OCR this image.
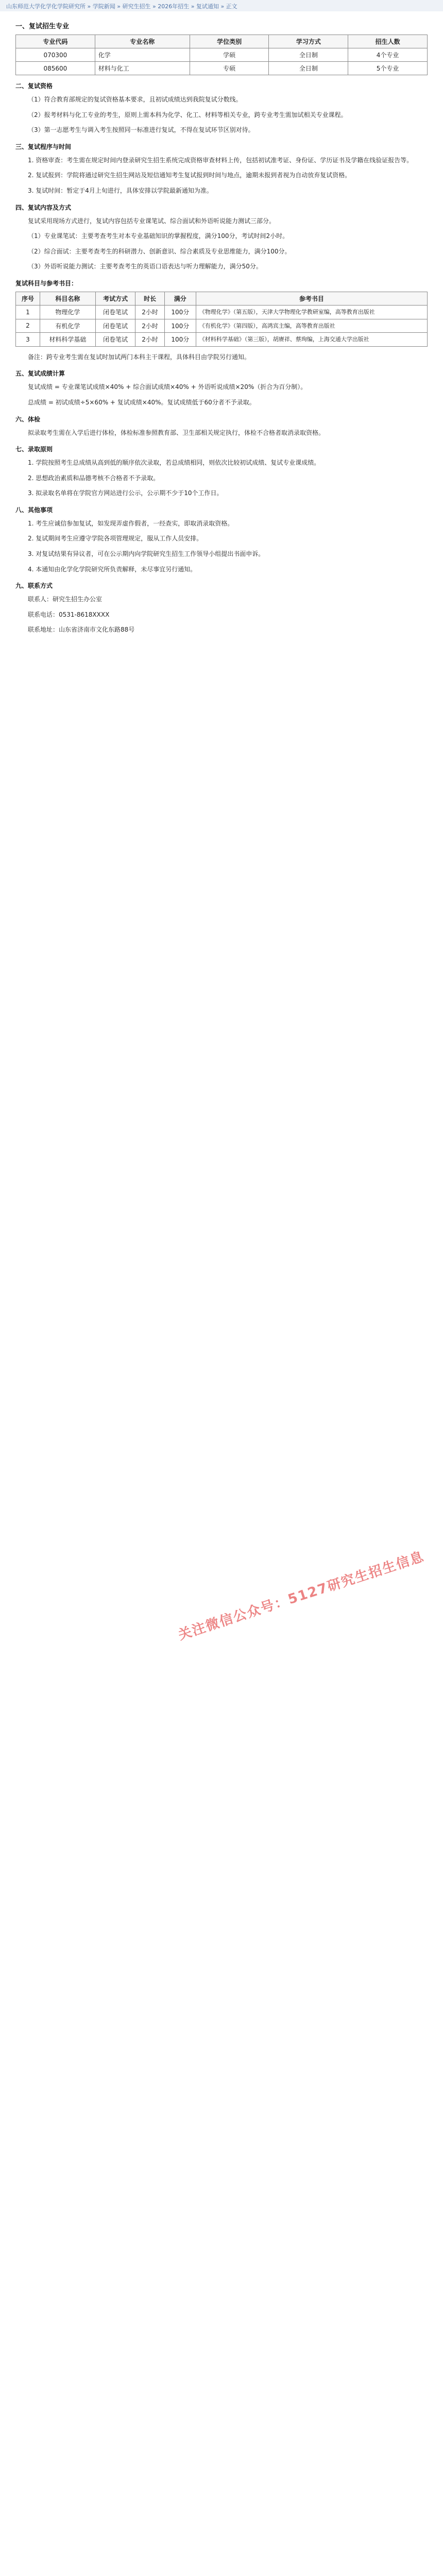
山东师范大学化学化学院研究所 » 学院新闻 » 研究生招生 » 2026年招生 » 复试通知 » 正文
一、复试招生专业
专业代码	专业名称	学位类别	学习方式	招生人数
070300	化学	学硕	全日制	4个专业
085600	材料与化工	专硕	全日制	5个专业
二、复试资格

（1）符合教育部规定的复试资格基本要求，且初试成绩达到我院复试分数线。

（2）报考材料与化工专业的考生，原则上需本科为化学、化工、材料等相关专业，跨专业考生需加试相关专业课程。

（3）第一志愿考生与调入考生按照同一标准进行复试，不得在复试环节区别对待。

三、复试程序与时间

1. 资格审查：考生需在规定时间内登录研究生招生系统完成资格审查材料上传，包括初试准考证、身份证、学历证书及学籍在线验证报告等。

2. 复试报到：学院将通过研究生招生网站及短信通知考生复试报到时间与地点，逾期未报到者视为自动放弃复试资格。

3. 复试时间：暂定于4月上旬进行，具体安排以学院最新通知为准。

四、复试内容及方式

复试采用现场方式进行，复试内容包括专业课笔试、综合面试和外语听说能力测试三部分。

（1）专业课笔试：主要考查考生对本专业基础知识的掌握程度，满分100分，考试时间2小时。

（2）综合面试：主要考查考生的科研潜力、创新意识、综合素质及专业思维能力，满分100分。

（3）外语听说能力测试：主要考查考生的英语口语表达与听力理解能力，满分50分。

复试科目与参考书目：
序号	科目名称	考试方式	时长	满分	参考书目
1	物理化学	闭卷笔试	2小时	100分	《物理化学》（第五版），天津大学物理化学教研室编，高等教育出版社
2	有机化学	闭卷笔试	2小时	100分	《有机化学》（第四版），高鸿宾主编，高等教育出版社
3	材料科学基础	闭卷笔试	2小时	100分	《材料科学基础》（第三版），胡赓祥、蔡珣编，上海交通大学出版社

备注：跨专业考生需在复试时加试两门本科主干课程，具体科目由学院另行通知。

五、复试成绩计算

复试成绩 = 专业课笔试成绩×40% + 综合面试成绩×40% + 外语听说成绩×20%（折合为百分制）。

总成绩 = 初试成绩÷5×60% + 复试成绩×40%。复试成绩低于60分者不予录取。

六、体检

拟录取考生需在入学后进行体检，体检标准参照教育部、卫生部相关规定执行，体检不合格者取消录取资格。

七、录取原则

1. 学院按照考生总成绩从高到低的顺序依次录取，若总成绩相同，则依次比较初试成绩、复试专业课成绩。

2. 思想政治素质和品德考核不合格者不予录取。

3. 拟录取名单将在学院官方网站进行公示，公示期不少于10个工作日。

八、其他事项

1. 考生应诚信参加复试，如发现弄虚作假者，一经查实，即取消录取资格。

2. 复试期间考生应遵守学院各项管理规定，服从工作人员安排。

3. 对复试结果有异议者，可在公示期内向学院研究生招生工作领导小组提出书面申诉。

4. 本通知由化学化学院研究所负责解释，未尽事宜另行通知。

九、联系方式

联系人：研究生招生办公室

联系电话：0531-8618XXXX

联系地址：山东省济南市文化东路88号

关注微信公众号：5127研究生招生信息
